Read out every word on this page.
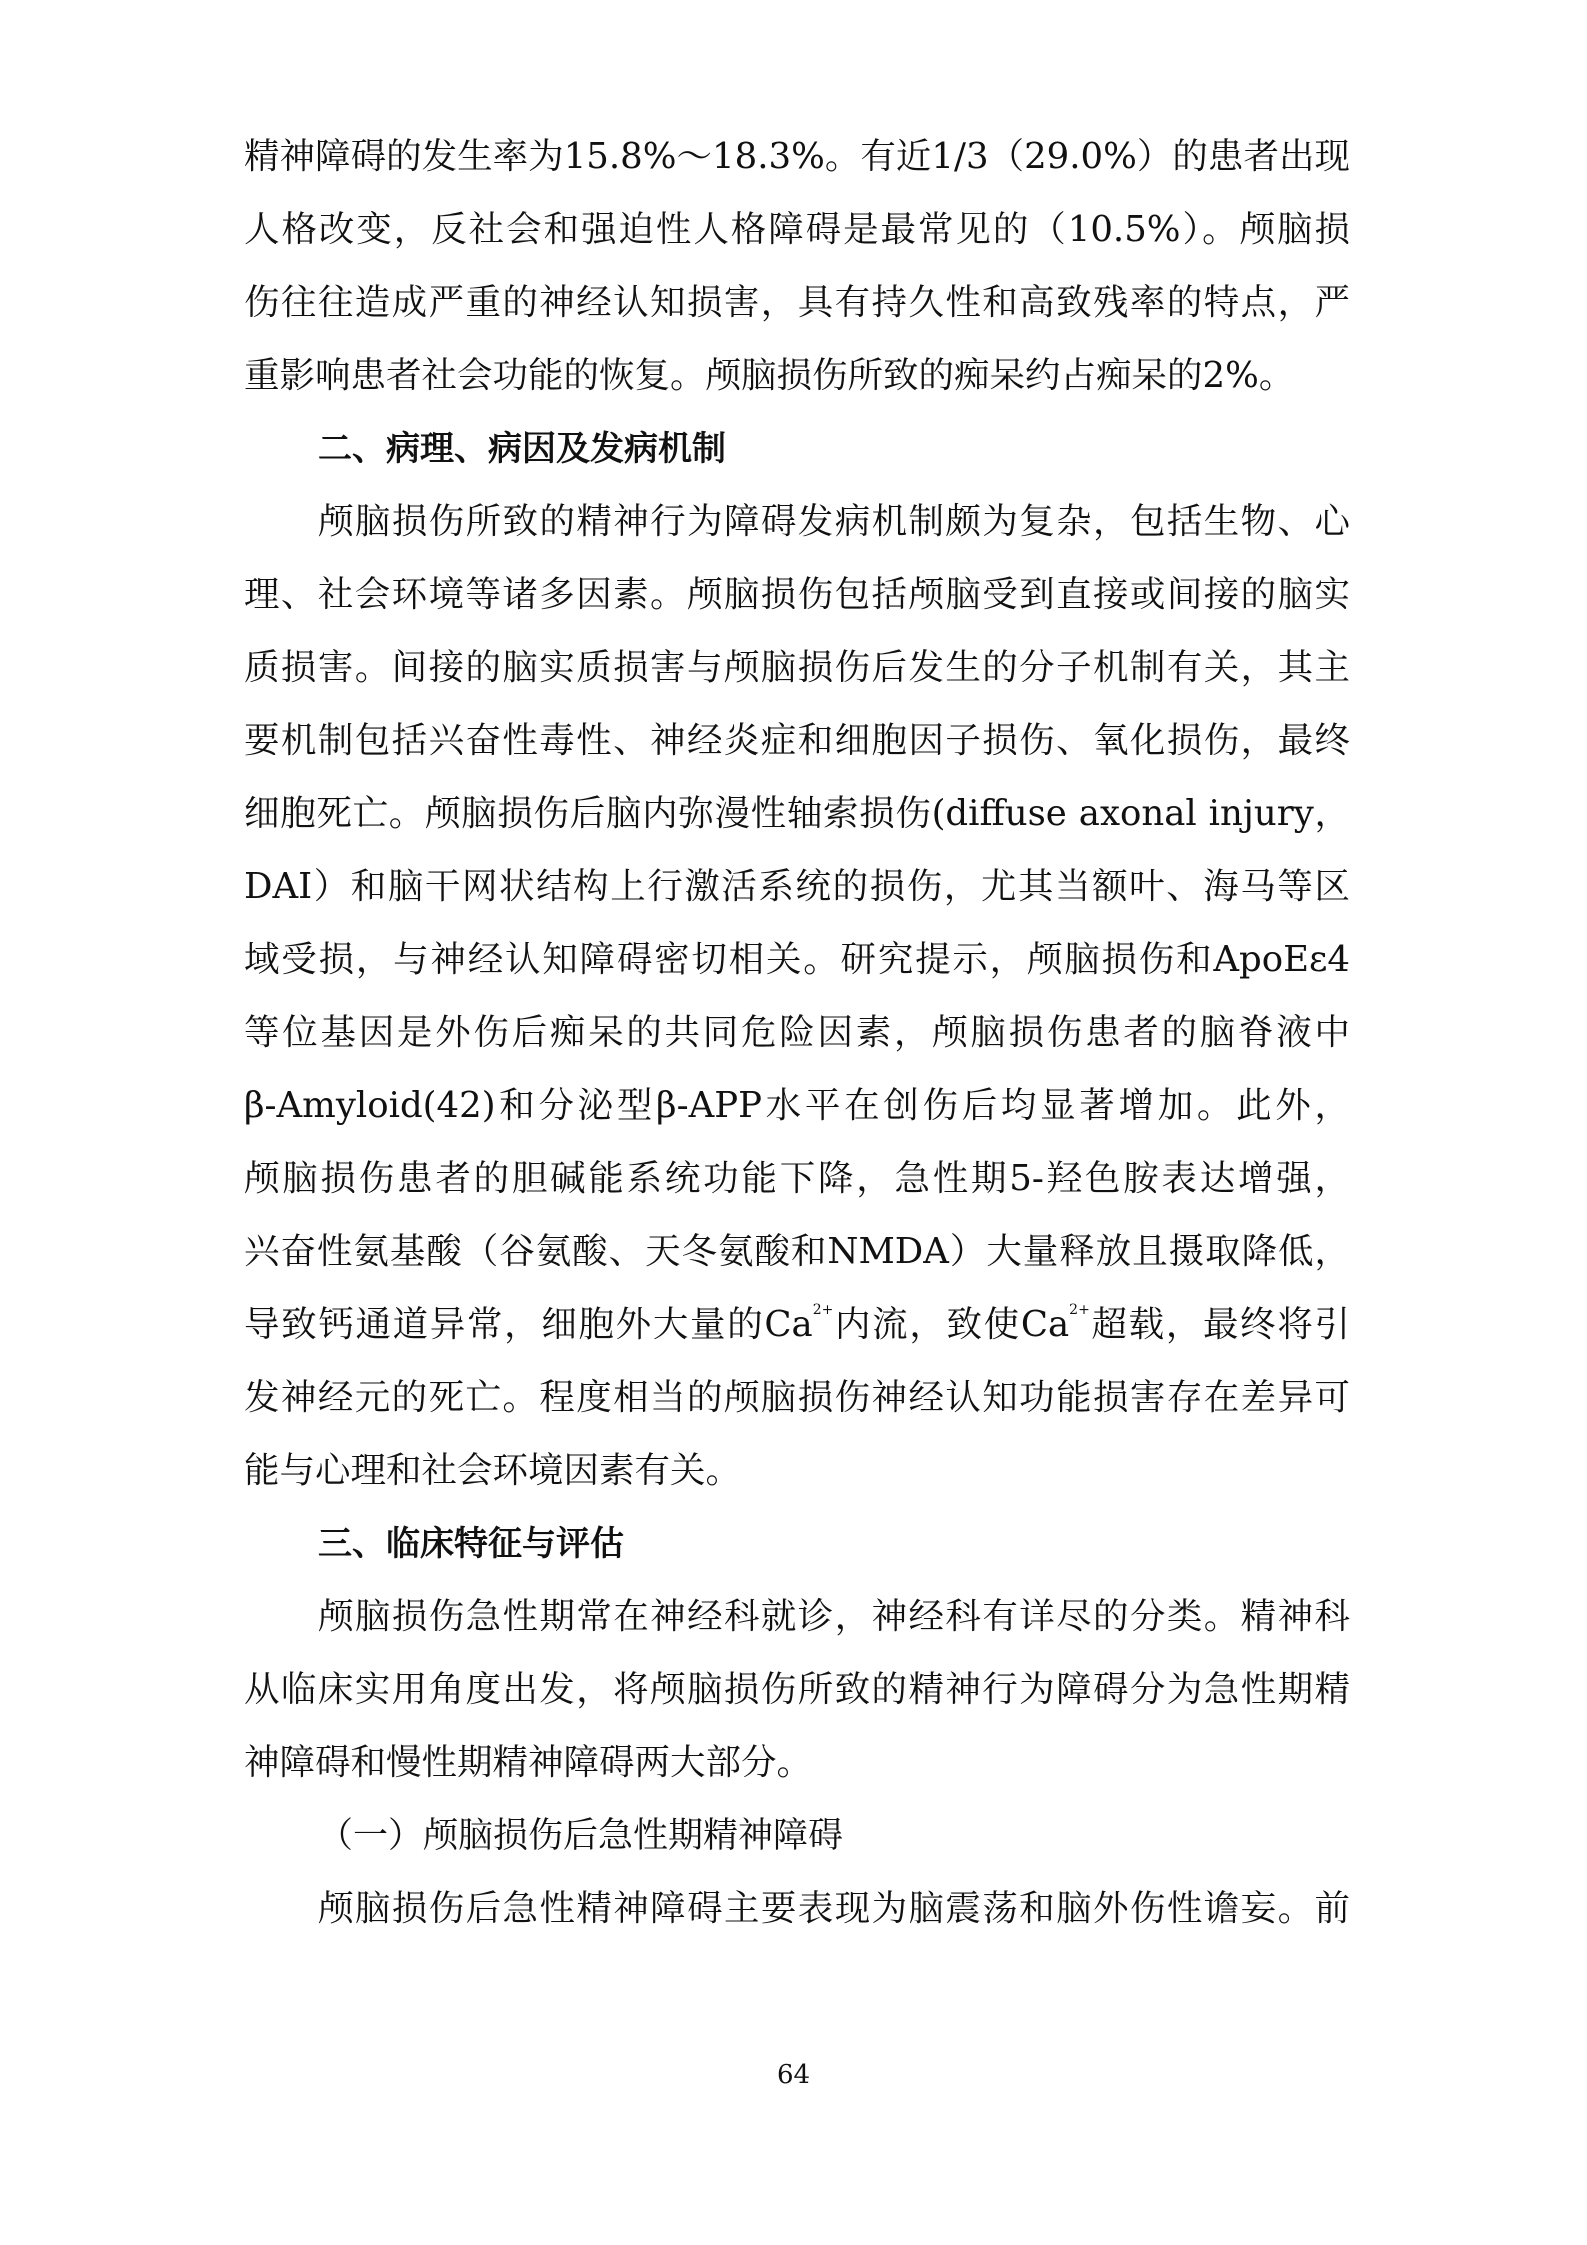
精神障碍的发生率为15.8%～18.3%。有近1/3（29.0%）的患者出现
人格改变，反社会和强迫性人格障碍是最常见的（10.5%）。颅脑损
伤往往造成严重的神经认知损害，具有持久性和高致残率的特点，严
重影响患者社会功能的恢复。颅脑损伤所致的痴呆约占痴呆的2%。
二、病理、病因及发病机制
颅脑损伤所致的精神行为障碍发病机制颇为复杂，包括生物、心
理、社会环境等诸多因素。颅脑损伤包括颅脑受到直接或间接的脑实
质损害。间接的脑实质损害与颅脑损伤后发生的分子机制有关，其主
要机制包括兴奋性毒性、神经炎症和细胞因子损伤、氧化损伤，最终
细胞死亡。颅脑损伤后脑内弥漫性轴索损伤(diffuse axonal injury，
DAI）和脑干网状结构上行激活系统的损伤，尤其当额叶、海马等区
域受损，与神经认知障碍密切相关。研究提示，颅脑损伤和ApoEε4
等位基因是外伤后痴呆的共同危险因素，颅脑损伤患者的脑脊液中
β-Amyloid(42)和分泌型β-APP水平在创伤后均显著增加。此外，
颅脑损伤患者的胆碱能系统功能下降，急性期5-羟色胺表达增强，
兴奋性氨基酸（谷氨酸、天冬氨酸和NMDA）大量释放且摄取降低，
导致钙通道异常，细胞外大量的$Ca^{2+}$内流，致使$Ca^{2+}$超载，最终将引
发神经元的死亡。程度相当的颅脑损伤神经认知功能损害存在差异可
能与心理和社会环境因素有关。
三、临床特征与评估
颅脑损伤急性期常在神经科就诊，神经科有详尽的分类。精神科
从临床实用角度出发，将颅脑损伤所致的精神行为障碍分为急性期精
神障碍和慢性期精神障碍两大部分。
（一）颅脑损伤后急性期精神障碍
颅脑损伤后急性精神障碍主要表现为脑震荡和脑外伤性谵妄。前
64
